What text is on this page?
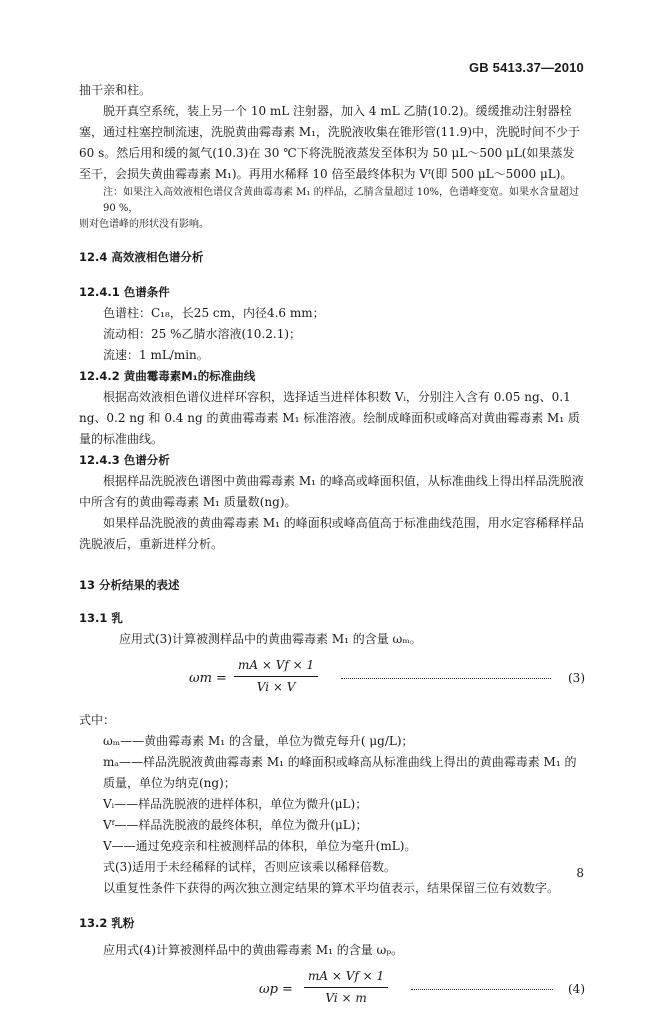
GB 5413.37—2010

抽干亲和柱。

脱开真空系统，装上另一个 10 mL 注射器，加入 4 mL 乙腈(10.2)。缓缓推动注射器栓塞，通过柱塞控制流速，洗脱黄曲霉毒素 M₁，洗脱液收集在锥形管(11.9)中，洗脱时间不少于 60 s。然后用和缓的氮气(10.3)在 30 ℃下将洗脱液蒸发至体积为 50 μL～500 μL(如果蒸发至干，会损失黄曲霉毒素 M₁)。再用水稀释 10 倍至最终体积为 Vᶠ(即 500 μL～5000 μL)。

注：如果注入高效液相色谱仪含黄曲霉毒素 M₁ 的样品，乙腈含量超过 10%，色谱峰变宽。如果水含量超过 90 %，

则对色谱峰的形状没有影响。

12.4 高效液相色谱分析
12.4.1 色谱条件

色谱柱：C₁₈，长25 cm，内径4.6 mm；

流动相：25 %乙腈水溶液(10.2.1)；

流速：1 mL/min。

12.4.2 黄曲霉毒素M₁的标准曲线

根据高效液相色谱仪进样环容积，选择适当进样体积数 Vᵢ，分别注入含有 0.05 ng、0.1 ng、0.2 ng 和 0.4 ng 的黄曲霉毒素 M₁ 标准溶液。绘制成峰面积或峰高对黄曲霉毒素 M₁ 质量的标准曲线。

12.4.3 色谱分析

根据样品洗脱液色谱图中黄曲霉毒素 M₁ 的峰高或峰面积值，从标准曲线上得出样品洗脱液中所含有的黄曲霉毒素 M₁ 质量数(ng)。

如果样品洗脱液的黄曲霉毒素 M₁ 的峰面积或峰高值高于标准曲线范围，用水定容稀释样品洗脱液后，重新进样分析。

13 分析结果的表述
13.1 乳

应用式(3)计算被测样品中的黄曲霉毒素 M₁ 的含量 ωₘ。

$\omega m = \frac{mA \times Vf \times 1}{Vi \times V}$	(3)

式中：

ωₘ——黄曲霉毒素 M₁ 的含量，单位为微克每升( μg/L)；

mₐ——样品洗脱液黄曲霉毒素 M₁ 的峰面积或峰高从标准曲线上得出的黄曲霉毒素 M₁ 的质量，单位为纳克(ng)；

Vᵢ——样品洗脱液的进样体积，单位为微升(μL)；

Vᶠ——样品洗脱液的最终体积，单位为微升(μL)；

V——通过免疫亲和柱被测样品的体积，单位为毫升(mL)。

式(3)适用于未经稀释的试样，否则应该乘以稀释倍数。

以重复性条件下获得的两次独立测定结果的算术平均值表示，结果保留三位有效数字。

13.2 乳粉

应用式(4)计算被测样品中的黄曲霉毒素 M₁ 的含量 ωₚ。

$\omega p = \frac{mA \times Vf \times 1}{Vi \times m}$	(4)
8
